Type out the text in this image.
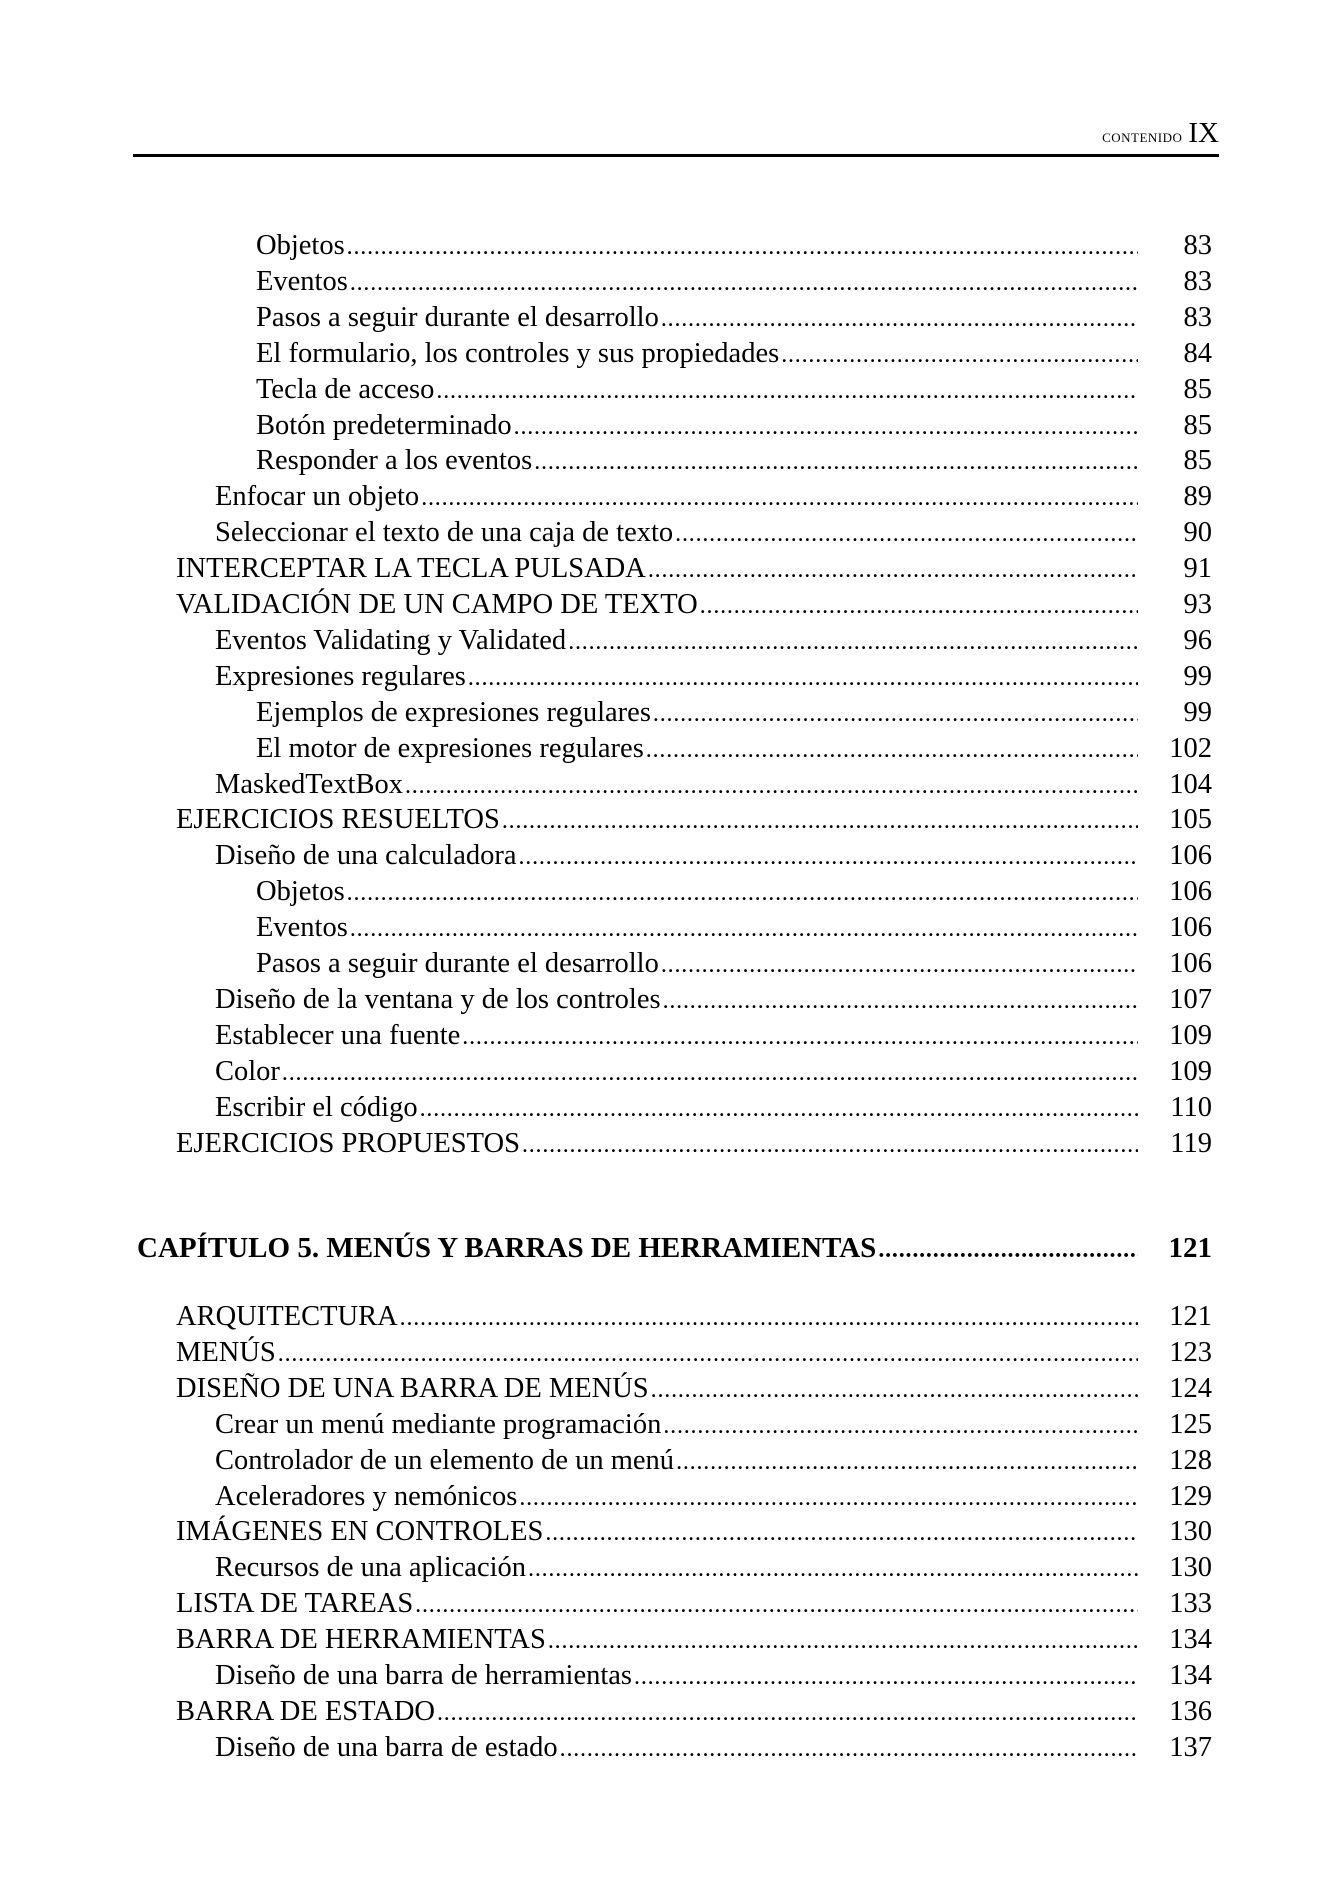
contenido IX
Objetos . . .	83
Eventos . . .	83
Pasos a seguir durante el desarrollo . . .	83
El formulario, los controles y sus propiedades . . .	84
Tecla de acceso . . .	85
Botón predeterminado . . .	85
Responder a los eventos . . .	85
Enfocar un objeto . . .	89
Seleccionar el texto de una caja de texto . . .	90
INTERCEPTAR LA TECLA PULSADA . . .	91
VALIDACIÓN DE UN CAMPO DE TEXTO . . .	93
Eventos Validating y Validated . . .	96
Expresiones regulares . . .	99
Ejemplos de expresiones regulares . . .	99
El motor de expresiones regulares . . .	102
MaskedTextBox . . .	104
EJERCICIOS RESUELTOS . . .	105
Diseño de una calculadora . . .	106
Objetos . . .	106
Eventos . . .	106
Pasos a seguir durante el desarrollo . . .	106
Diseño de la ventana y de los controles . . .	107
Establecer una fuente . . .	109
Color . . .	109
Escribir el código . . .	110
EJERCICIOS PROPUESTOS . . .	119
CAPÍTULO 5. MENÚS Y BARRAS DE HERRAMIENTAS . . .	121
ARQUITECTURA . . .	121
MENÚS . . .	123
DISEÑO DE UNA BARRA DE MENÚS . . .	124
Crear un menú mediante programación . . .	125
Controlador de un elemento de un menú . . .	128
Aceleradores y nemónicos . . .	129
IMÁGENES EN CONTROLES . . .	130
Recursos de una aplicación . . .	130
LISTA DE TAREAS . . .	133
BARRA DE HERRAMIENTAS . . .	134
Diseño de una barra de herramientas . . .	134
BARRA DE ESTADO . . .	136
Diseño de una barra de estado . . .	137
